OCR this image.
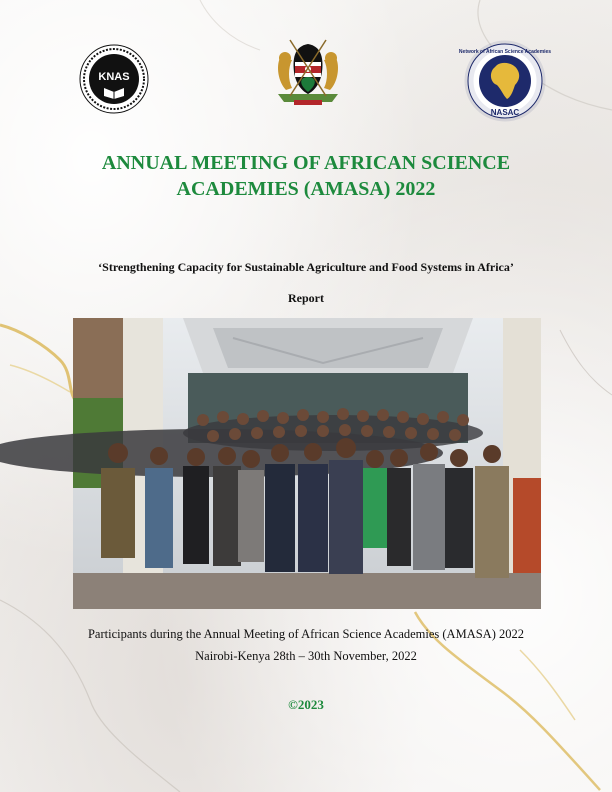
KNAS
Network of African Science Academies
NASAC
ANNUAL MEETING OF AFRICAN SCIENCE
ACADEMIES (AMASA) 2022
‘Strengthening Capacity for Sustainable Agriculture and Food Systems in Africa’
Report
Participants during the Annual Meeting of African Science Academies (AMASA) 2022
Nairobi-Kenya 28th – 30th November, 2022
©2023
